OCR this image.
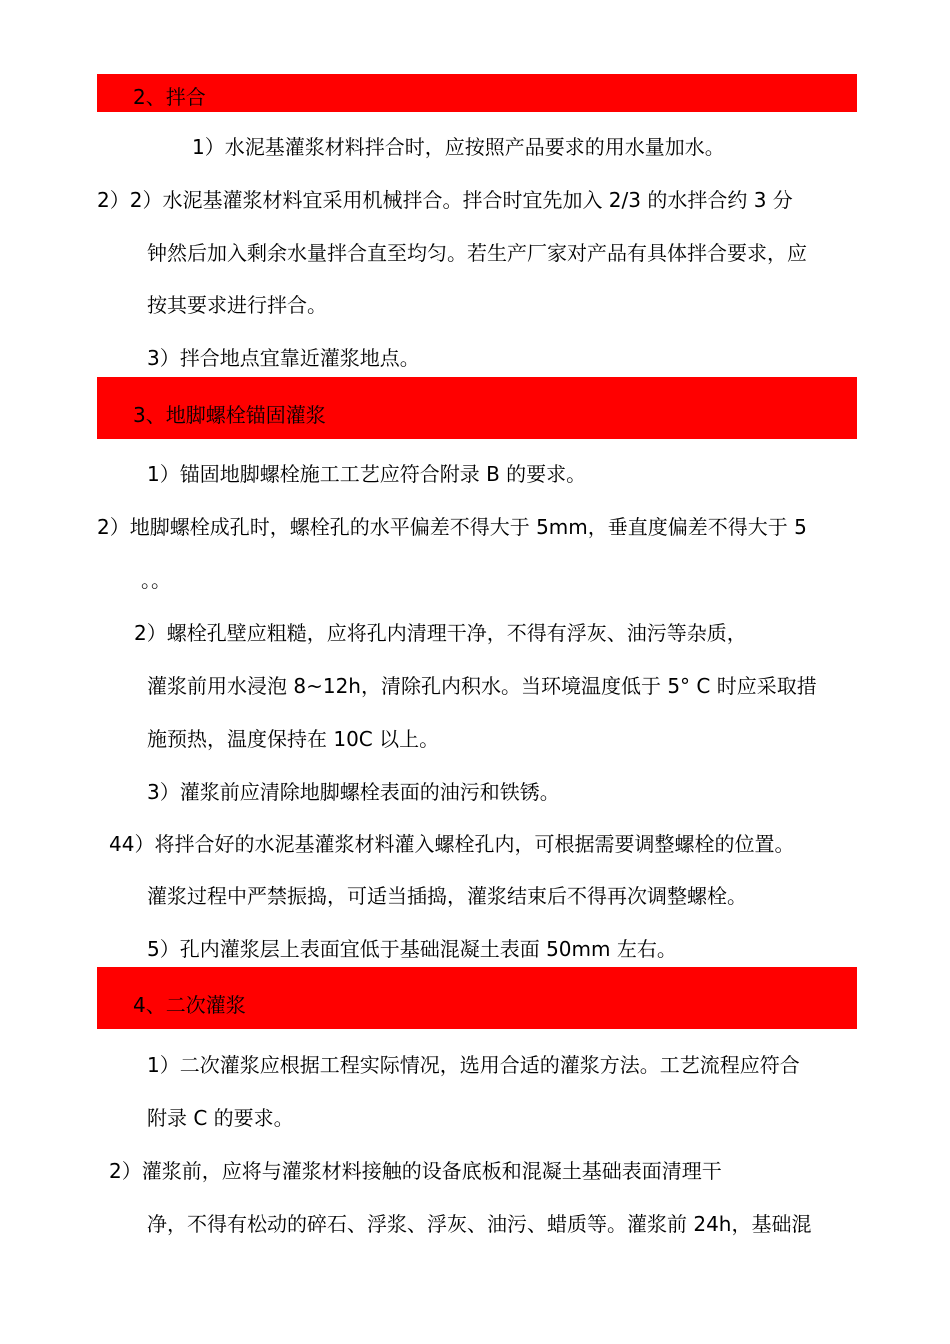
2、拌合
1）水泥基灌浆材料拌合时，应按照产品要求的用水量加水。
2）2）水泥基灌浆材料宜采用机械拌合。拌合时宜先加入 2/3 的水拌合约 3 分
钟然后加入剩余水量拌合直至均匀。若生产厂家对产品有具体拌合要求，应
按其要求进行拌合。
3）拌合地点宜靠近灌浆地点。
3、地脚螺栓锚固灌浆
1）锚固地脚螺栓施工工艺应符合附录 B 的要求。
2）地脚螺栓成孔时，螺栓孔的水平偏差不得大于 5mm，垂直度偏差不得大于 5
。。
2）螺栓孔壁应粗糙，应将孔内清理干净，不得有浮灰、油污等杂质，
灌浆前用水浸泡 8~12h，清除孔内积水。当环境温度低于 5° C 时应采取措
施预热，温度保持在 10C 以上。
3）灌浆前应清除地脚螺栓表面的油污和铁锈。
44）将拌合好的水泥基灌浆材料灌入螺栓孔内，可根据需要调整螺栓的位置。
灌浆过程中严禁振捣，可适当插捣，灌浆结束后不得再次调整螺栓。
5）孔内灌浆层上表面宜低于基础混凝土表面 50mm 左右。
4、二次灌浆
1）二次灌浆应根据工程实际情况，选用合适的灌浆方法。工艺流程应符合
附录 C 的要求。
2）灌浆前，应将与灌浆材料接触的设备底板和混凝土基础表面清理干
净，不得有松动的碎石、浮浆、浮灰、油污、蜡质等。灌浆前 24h，基础混
